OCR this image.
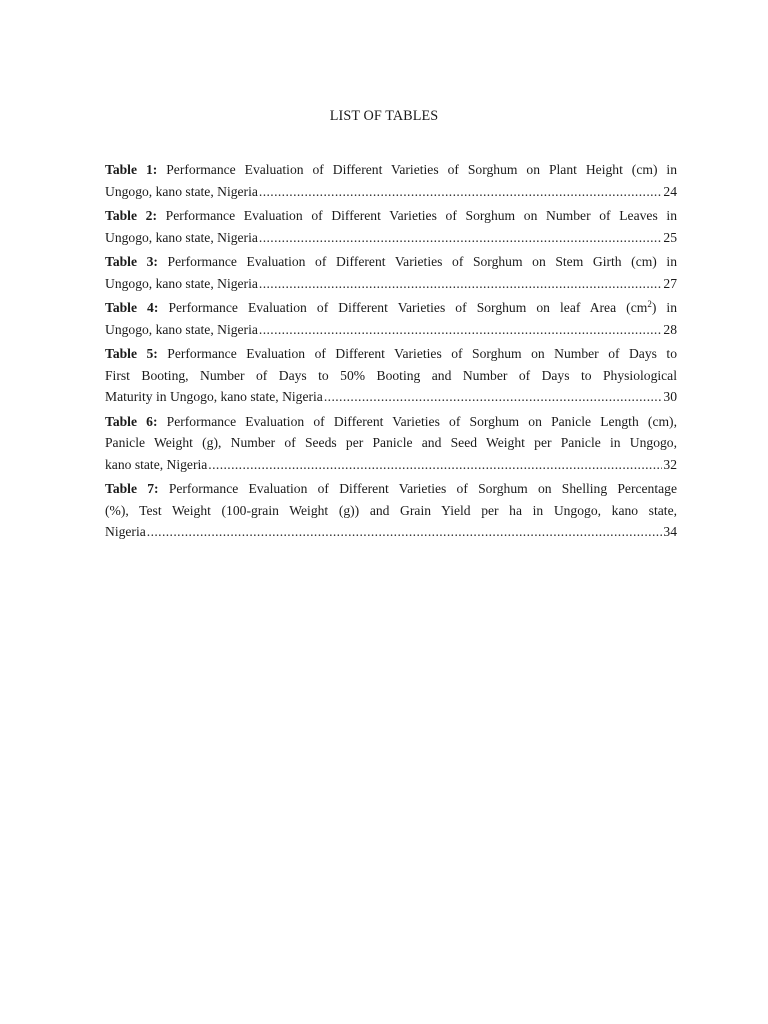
LIST OF TABLES
Table 1: Performance Evaluation of Different Varieties of Sorghum on Plant Height (cm) in
Ungogo, kano state, Nigeria .....	24
Table 2: Performance Evaluation of Different Varieties of Sorghum on Number of Leaves in
Ungogo, kano state, Nigeria .....	25
Table 3: Performance Evaluation of Different Varieties of Sorghum on Stem Girth (cm) in
Ungogo, kano state, Nigeria .....	27
Table 4: Performance Evaluation of Different Varieties of Sorghum on leaf Area $(cm^2)$ in
Ungogo, kano state, Nigeria .....	28
Table 5: Performance Evaluation of Different Varieties of Sorghum on Number of Days to
First Booting, Number of Days to 50% Booting and Number of Days to Physiological
Maturity in Ungogo, kano state, Nigeria .....	30
Table 6: Performance Evaluation of Different Varieties of Sorghum on Panicle Length (cm),
Panicle Weight (g), Number of Seeds per Panicle and Seed Weight per Panicle in Ungogo,
kano state, Nigeria .....	32
Table 7: Performance Evaluation of Different Varieties of Sorghum on Shelling Percentage
(%), Test Weight (100-grain Weight (g)) and Grain Yield per ha in Ungogo, kano state,
Nigeria .....	34
